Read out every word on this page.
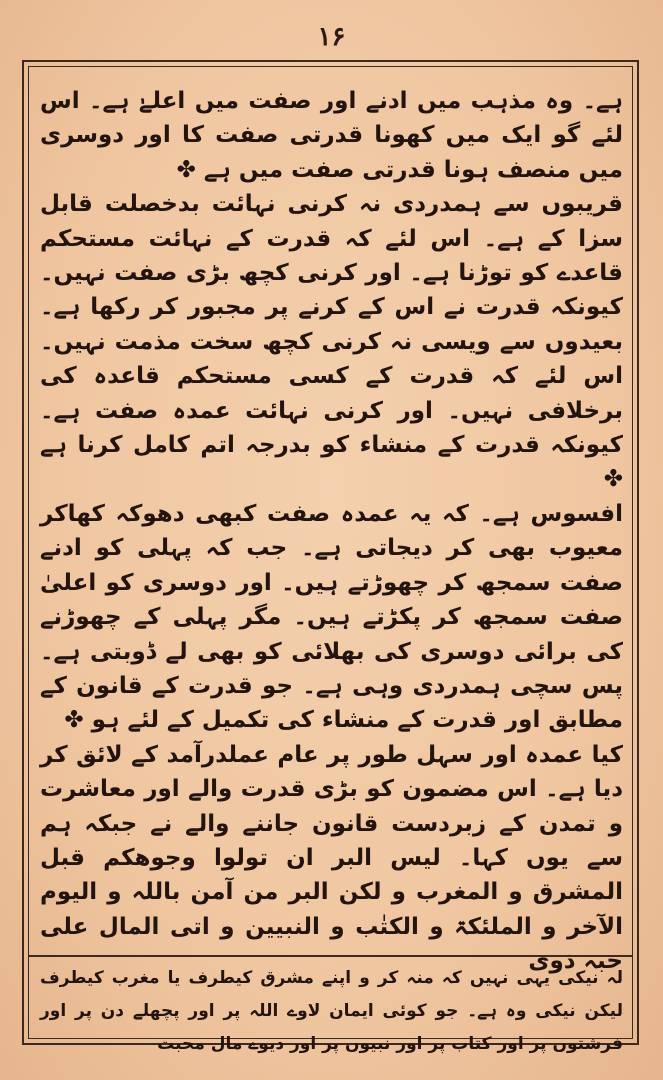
۱۶

ہے۔ وہ مذہب میں ادنے اور صفت میں اعلےٰ ہے۔ اس لئے گو ایک میں کھونا قدرتی صفت کا اور دوسری میں منصف ہونا قدرتی صفت میں ہے ✤

قریبوں سے ہمدردی نہ کرنی نہائت بدخصلت قابل سزا کے ہے۔ اس لئے کہ قدرت کے نہائت مستحکم قاعدے کو توڑنا ہے۔ اور کرنی کچھ بڑی صفت نہیں۔ کیونکہ قدرت نے اس کے کرنے پر مجبور کر رکھا ہے۔ بعیدوں سے ویسی نہ کرنی کچھ سخت مذمت نہیں۔ اس لئے کہ قدرت کے کسی مستحکم قاعدہ کی برخلافی نہیں۔ اور کرنی نہائت عمدہ صفت ہے۔ کیونکہ قدرت کے منشاء کو بدرجہ اتم کامل کرنا ہے ✤

افسوس ہے۔ کہ یہ عمدہ صفت کبھی دھوکہ کھاکر معیوب بھی کر دیجاتی ہے۔ جب کہ پہلی کو ادنے صفت سمجھ کر چھوڑتے ہیں۔ اور دوسری کو اعلیٰ صفت سمجھ کر پکڑتے ہیں۔ مگر پہلی کے چھوڑنے کی برائی دوسری کی بھلائی کو بھی لے ڈوبتی ہے۔ پس سچی ہمدردی وہی ہے۔ جو قدرت کے قانون کے مطابق اور قدرت کے منشاء کی تکمیل کے لئے ہو ✤

کیا عمدہ اور سہل طور پر عام عملدرآمد کے لائق کر دیا ہے۔ اس مضمون کو بڑی قدرت والے اور معاشرت و تمدن کے زبردست قانون جاننے والے نے جبکہ ہم سے یوں کہا۔ لیس البر ان تولوا وجوھکم قبل المشرق و المغرب و لکن البر من آمن باللہ و الیوم الآخر و الملئکۃ و الکتٰب و النبیین و اتی المال علی حبہ ذوی

لہ نیکی یہی نہیں کہ منہ کر و اپنے مشرق کیطرف یا مغرب کیطرف لیکن نیکی وہ ہے۔ جو کوئی ایمان لاوے اللہ پر اور پچھلے دن پر اور فرشتوں پر اور کتاب پر اور نبیوں پر اور دیوے مال محبت
